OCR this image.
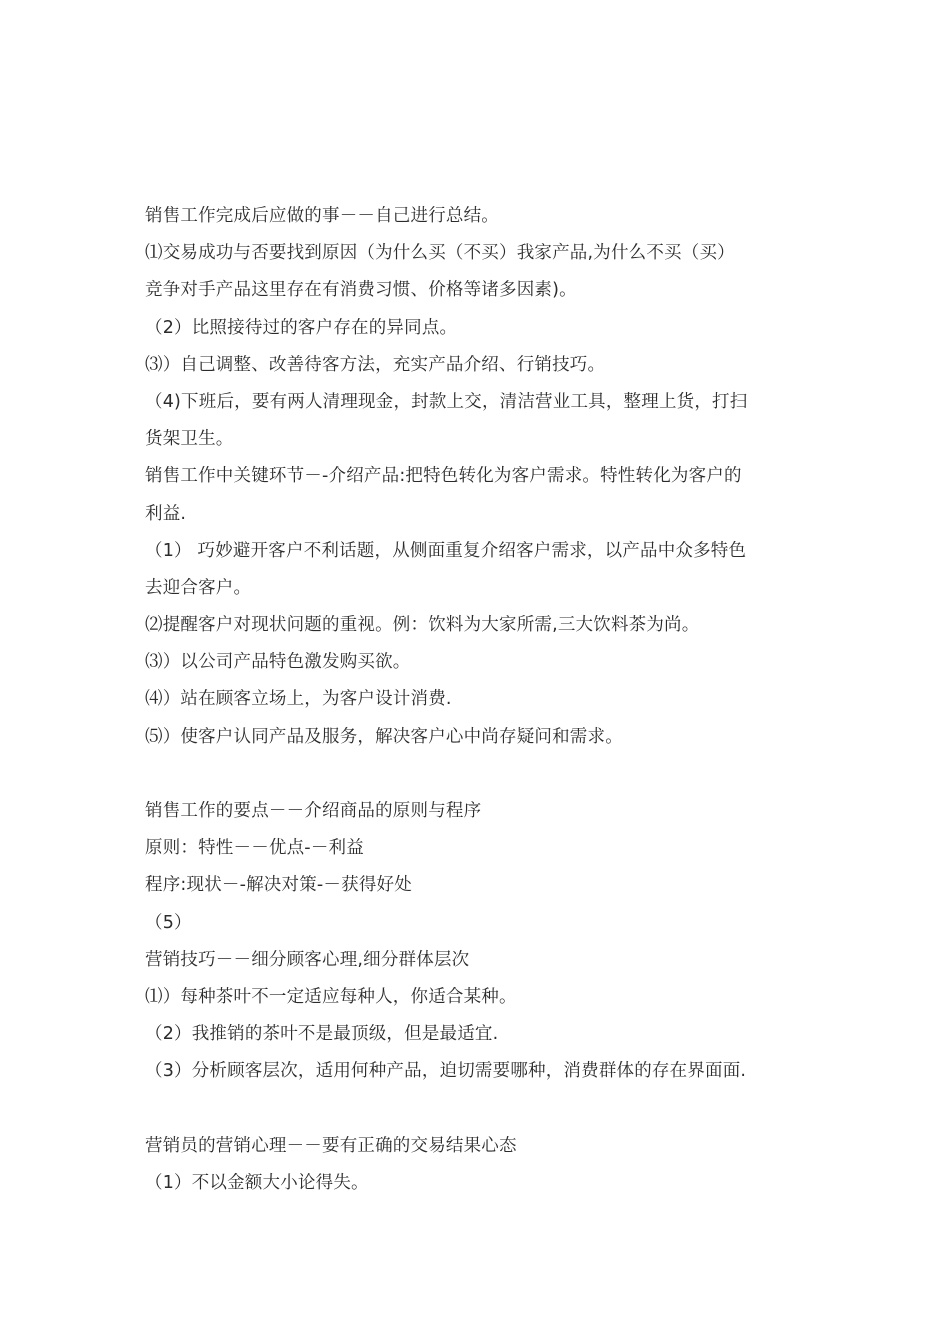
销售工作完成后应做的事－－自己进行总结。
⑴交易成功与否要找到原因（为什么买（不买）我家产品,为什么不买（买）
竞争对手产品这里存在有消费习惯、价格等诸多因素)。
（2）比照接待过的客户存在的异同点。
⑶）自己调整、改善待客方法，充实产品介绍、行销技巧。
（4)下班后，要有两人清理现金，封款上交，清洁营业工具，整理上货，打扫
货架卫生。
销售工作中关键环节－-介绍产品:把特色转化为客户需求。特性转化为客户的
利益.
（1） 巧妙避开客户不利话题，从侧面重复介绍客户需求，以产品中众多特色
去迎合客户。
⑵提醒客户对现状问题的重视。例：饮料为大家所需,三大饮料茶为尚。
⑶）以公司产品特色激发购买欲。
⑷）站在顾客立场上，为客户设计消费.
⑸）使客户认同产品及服务，解决客户心中尚存疑问和需求。
销售工作的要点－－介绍商品的原则与程序
原则：特性－－优点-－利益
程序:现状－-解决对策-－获得好处
（5）
营销技巧－－细分顾客心理,细分群体层次
⑴）每种茶叶不一定适应每种人，你适合某种。
（2）我推销的茶叶不是最顶级，但是最适宜.
（3）分析顾客层次，适用何种产品，迫切需要哪种，消费群体的存在界面面.
营销员的营销心理－－要有正确的交易结果心态
（1）不以金额大小论得失。
